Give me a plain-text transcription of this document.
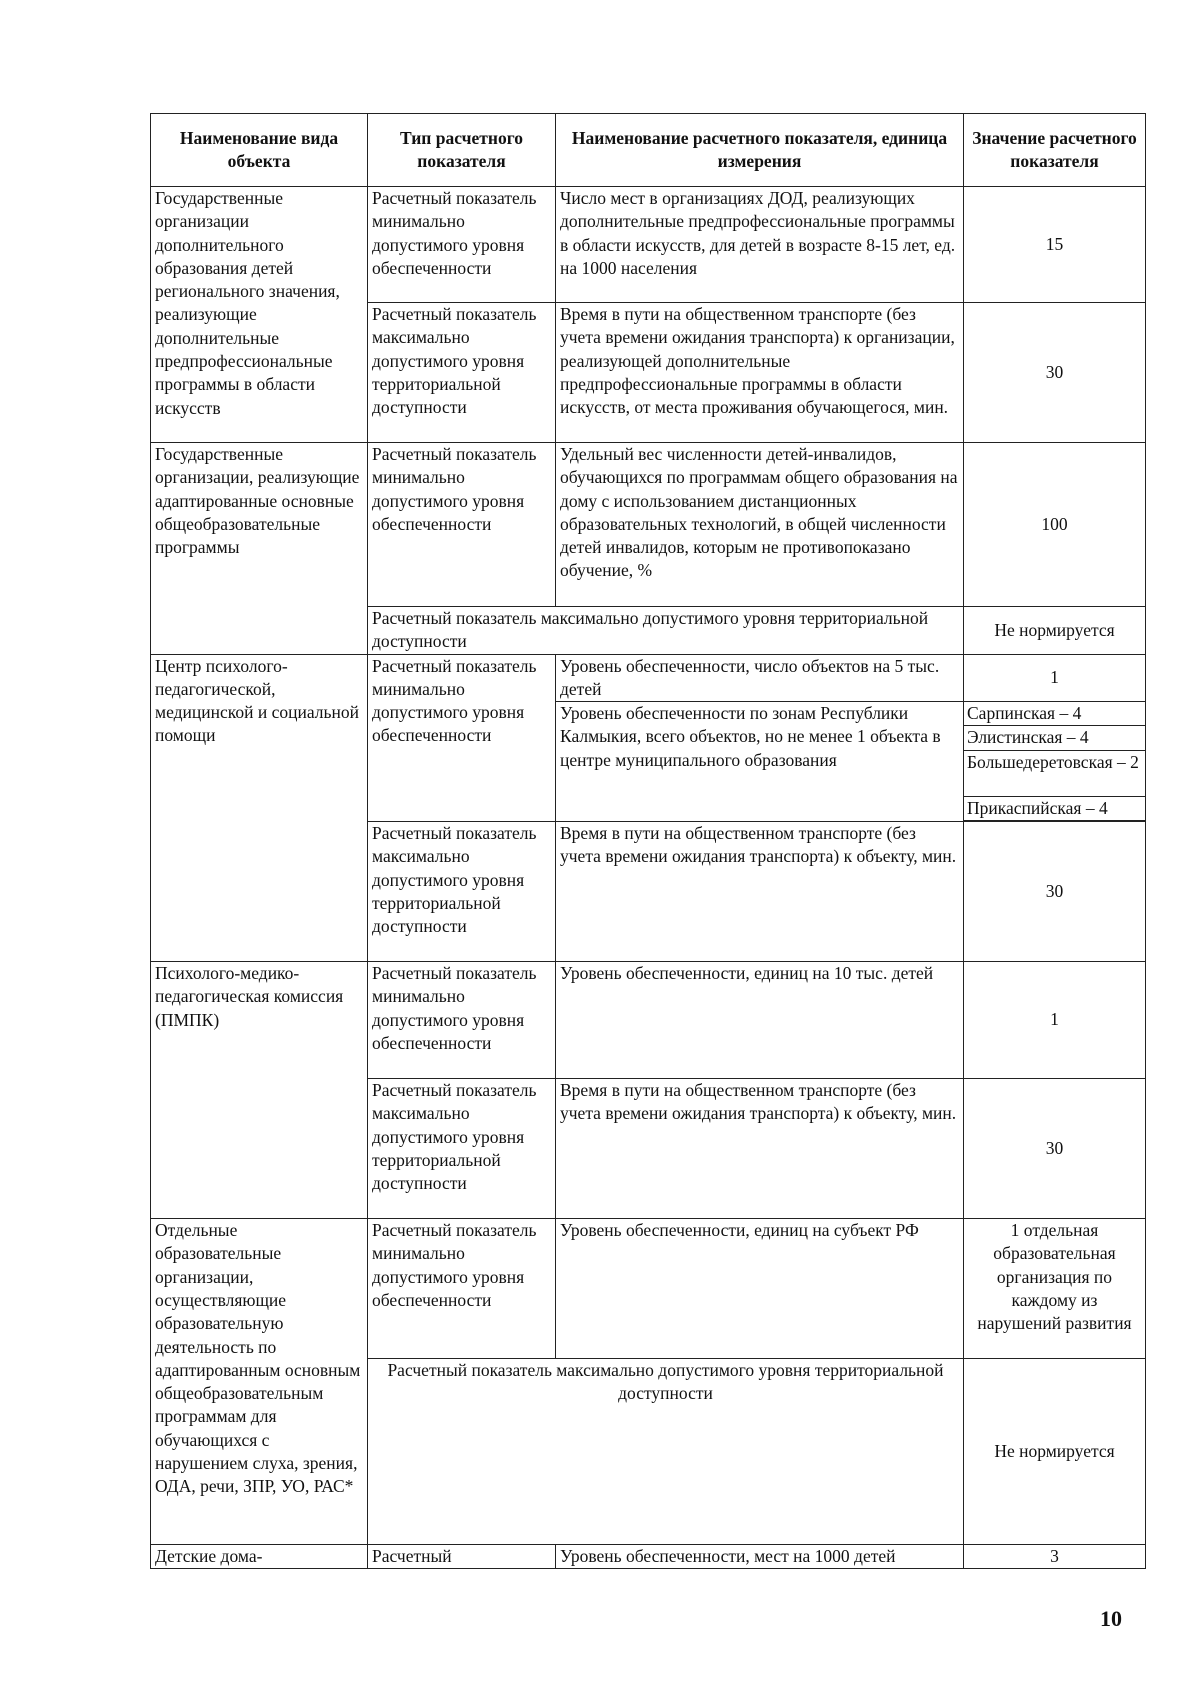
Наименование вида объекта	Тип расчетного показателя	Наименование расчетного показателя, единица измерения	Значение расчетного показателя
Государственные организации дополнительного образования детей регионального значения, реализующие дополнительные предпрофессиональные программы в области искусств	Расчетный показатель минимально допустимого уровня обеспеченности	Число мест в организациях ДОД, реализующих дополнительные предпрофессиональные программы в области искусств, для детей в возрасте 8-15 лет, ед. на 1000 населения	15
	Расчетный показатель максимально допустимого уровня территориальной доступности	Время в пути на общественном транспорте (без учета времени ожидания транспорта) к организации, реализующей дополнительные предпрофессиональные программы в области искусств, от места проживания обучающегося, мин.	30
Государственные организации, реализующие адаптированные основные общеобразовательные программы	Расчетный показатель минимально допустимого уровня обеспеченности	Удельный вес численности детей-инвалидов, обучающихся по программам общего образования на дому с использованием дистанционных образовательных технологий, в общей численности детей инвалидов, которым не противопоказано обучение, %	100
	Расчетный показатель максимально допустимого уровня территориальной доступности		Не нормируется
Центр психолого-педагогической, медицинской и социальной помощи	Расчетный показатель минимально допустимого уровня обеспеченности	Уровень обеспеченности, число объектов на 5 тыс. детей	1
		Уровень обеспеченности по зонам Республики Калмыкия, всего объектов, но не менее 1 объекта в центре муниципального образования	Сарпинская – 4
			Элистинская – 4
			Большедеретовская – 2
			Прикаспийская – 4

	Расчетный показатель максимально допустимого уровня территориальной доступности	Время в пути на общественном транспорте (без учета времени ожидания транспорта) к объекту, мин.	30
Психолого-медико-педагогическая комиссия (ПМПК)	Расчетный показатель минимально допустимого уровня обеспеченности	Уровень обеспеченности, единиц на 10 тыс. детей	1
	Расчетный показатель максимально допустимого уровня территориальной доступности	Время в пути на общественном транспорте (без учета времени ожидания транспорта) к объекту, мин.	30
Отдельные образовательные организации, осуществляющие образовательную деятельность по адаптированным основным общеобразовательным программам для обучающихся с нарушением слуха, зрения, ОДА, речи, ЗПР, УО, РАС*	Расчетный показатель минимально допустимого уровня обеспеченности	Уровень обеспеченности, единиц на субъект РФ	1 отдельная образовательная организация по каждому из нарушений развития
	Расчетный показатель максимально допустимого уровня территориальной доступности		Не нормируется
Детские дома-	Расчетный	Уровень обеспеченности, мест на 1000 детей	3
10
